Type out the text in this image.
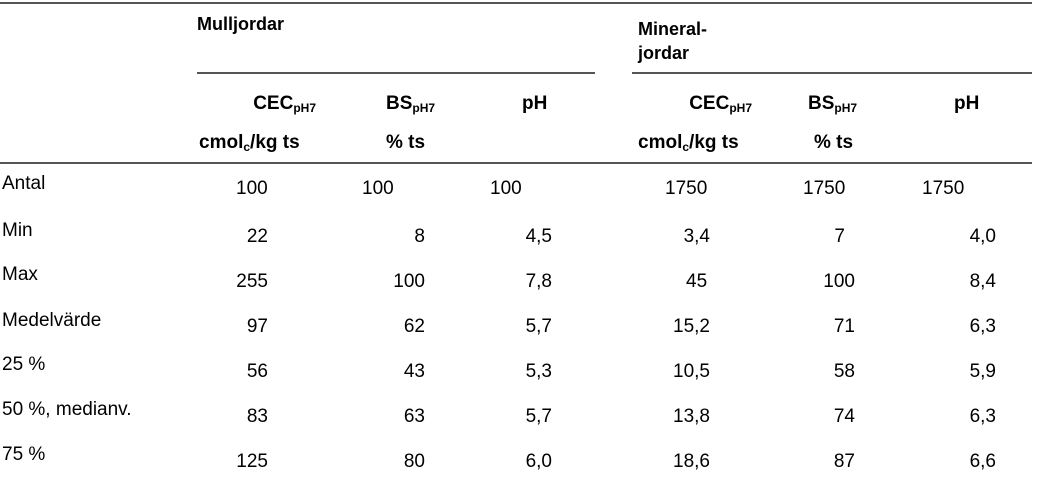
Mulljordar	Mineral-
jordar
$CEC_{pH7}$	$BS_{pH7}$	pH
cmol$_c$/kg ts	% ts
$CEC_{pH7}$	$BS_{pH7}$	pH
cmol$_c$/kg ts	% ts
Antal	100	100	100	1750	1750	1750
Min	22	8	4,5	3,4	7	4,0
Max	255	100	7,8	45	100	8,4
Medelvärde	97	62	5,7	15,2	71	6,3
25 %	56	43	5,3	10,5	58	5,9
50 %, medianv.	83	63	5,7	13,8	74	6,3
75 %	125	80	6,0	18,6	87	6,6
